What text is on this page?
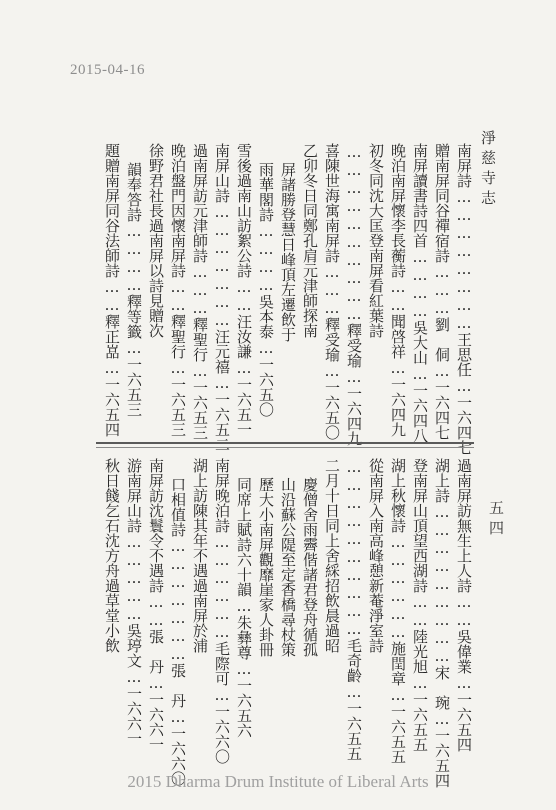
2015-04-16
淨慈寺志
五四
南屏詩……………………王思任…一六四七
贈南屏同谷禪宿詩………劉　侗…一六四七
南屏讀書詩四首…………吳大山…一六四八
晚泊南屏懷李長蘅詩……聞啓祥…一六四九
初冬同沈大匡登南屏看紅葉詩
…………………………釋受瑜…一六四九
喜陳世海寓南屏詩………釋受瑜…一六五〇
乙卯冬日同鄭孔肩元津師探南
屏諸勝登慧日峰頂左遷飲于
雨華閣詩…………吳本泰…一六五〇
雪後過南山訪絮公詩……汪汝謙…一六五一
南屏山詩…………………汪元禧…一六五二
過南屏訪元津師詩………釋聖行…一六五三
晚泊盤門因懷南屏詩……釋聖行…一六五三
徐野君社長過南屏以詩見贈次
韻奉答詩…………釋等籤…一六五三
題贈南屏同谷法師詩……釋正嵓…一六五四
過南屏訪無生上人詩……吳偉業…一六五四
湖上詩………………………宋　琬…一六五四
登南屏山頂望西湖詩……陸光旭…一六五五
湖上秋懷詩………………施閏章…一六五五
從南屏入南高峰憩新菴淨室詩
…………………………毛奇齡…一六五五
二月十日同上舍綵招飲晨過昭
慶僧舍雨霽偕諸君登舟循孤
山沿蘇公隄至定香橋尋杖策
歷大小南屏觀靡崖家人卦冊
同席上賦詩六十韻…朱彝尊…一六五六
南屏晚泊詩………………毛際可…一六六〇
湖上訪陳其年不遇過南屏於浦
口相值詩…………………張　丹…一六六〇
南屏訪沈鬟令不遇詩……張　丹…一六六一
游南屏山詩……………吳𤧟文…一六六一
秋日餞乞石沈方舟過草堂小飲
2015 Dharma Drum Institute of Liberal Arts
